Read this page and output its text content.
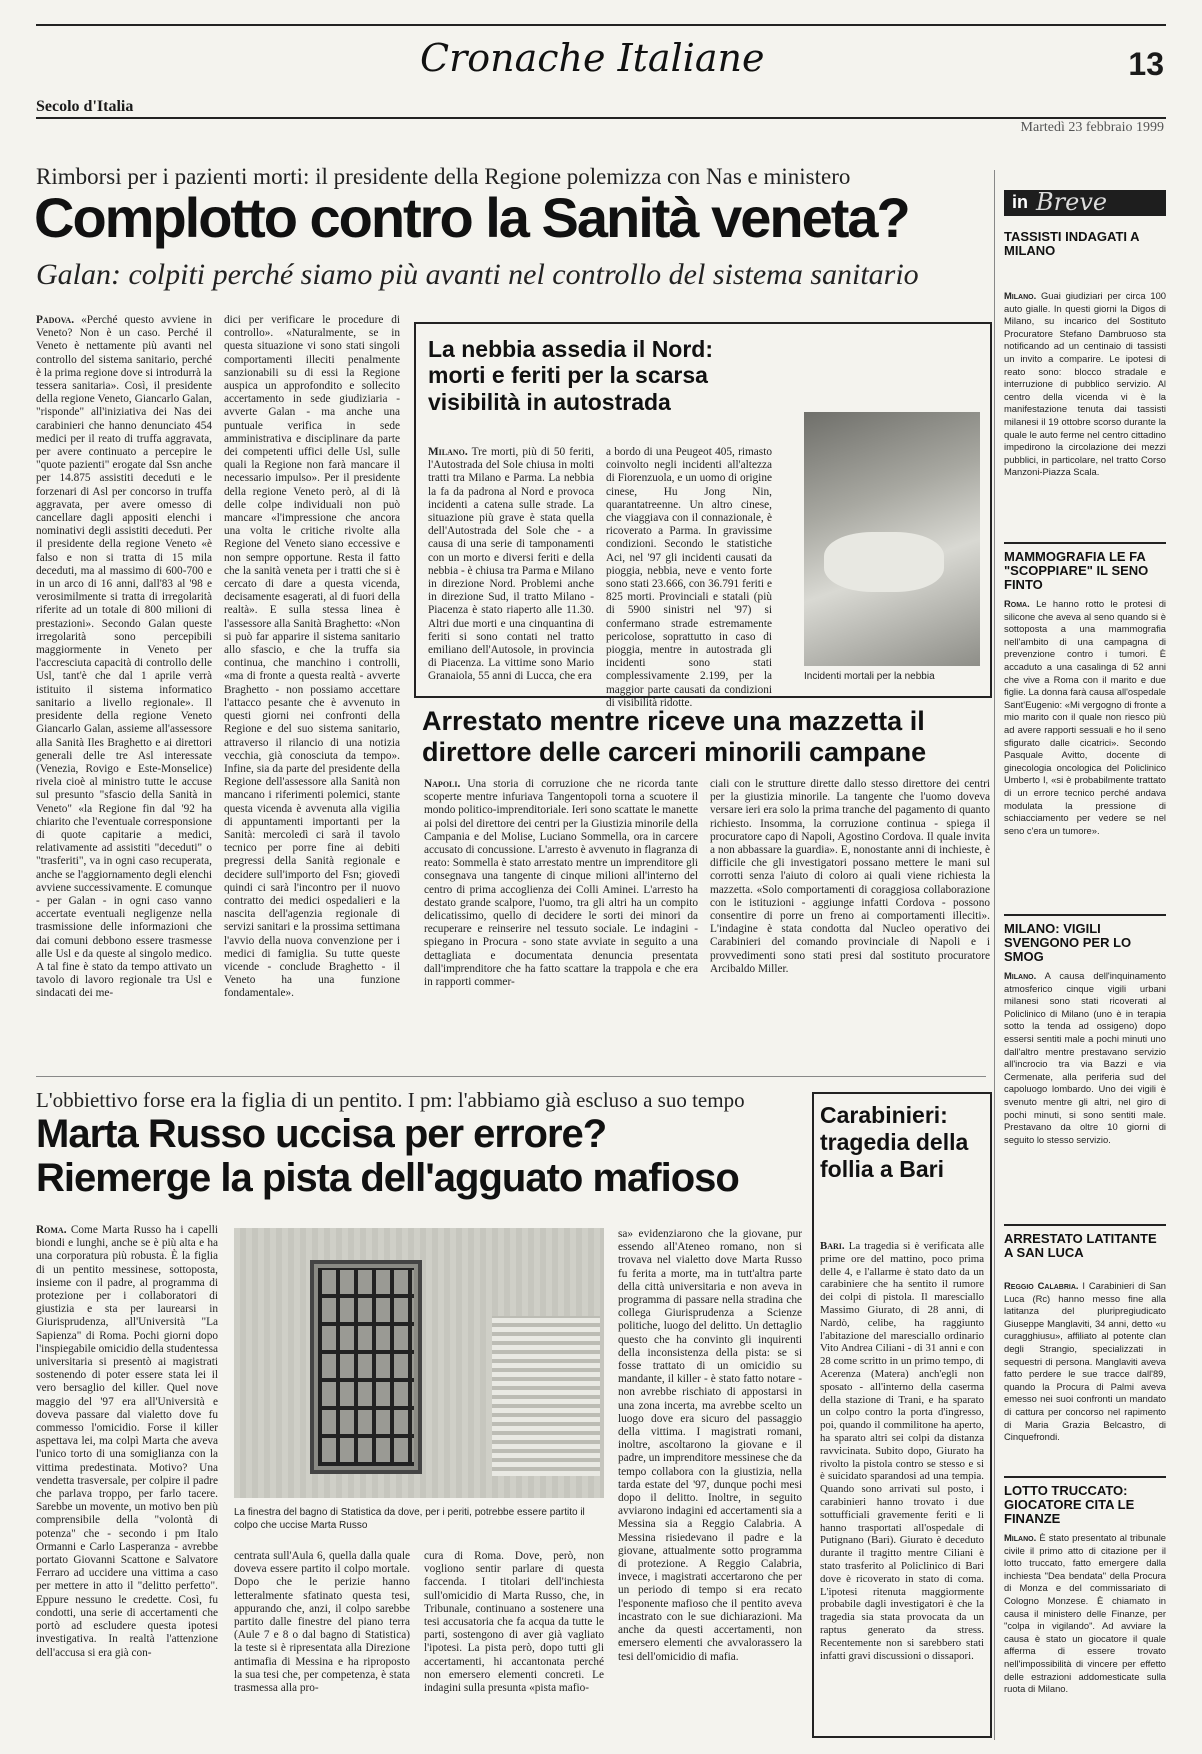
Cronache Italiane	13
Secolo d'Italia
Martedì 23 febbraio 1999
Rimborsi per i pazienti morti: il presidente della Regione polemizza con Nas e ministero
Complotto contro la Sanità veneta?
Galan: colpiti perché siamo più avanti nel controllo del sistema sanitario
Padova. «Perché questo avviene in Veneto? Non è un caso. Perché il Veneto è nettamente più avanti nel controllo del sistema sanitario, perché è la prima regione dove si introdurrà la tessera sanitaria». Così, il presidente della regione Veneto, Giancarlo Galan, "risponde" all'iniziativa dei Nas dei carabinieri che hanno denunciato 454 medici per il reato di truffa aggravata, per avere continuato a percepire le "quote pazienti" erogate dal Ssn anche per 14.875 assistiti deceduti e le forzenari di Asl per concorso in truffa aggravata, per avere omesso di cancellare dagli appositi elenchi i nominativi degli assistiti deceduti. Per il presidente della regione Veneto «è falso e non si tratta di 15 mila deceduti, ma al massimo di 600-700 e in un arco di 16 anni, dall'83 al '98 e verosimilmente si tratta di irregolarità riferite ad un totale di 800 milioni di prestazioni». Secondo Galan queste irregolarità sono percepibili maggiormente in Veneto per l'accresciuta capacità di controllo delle Usl, tant'è che dal 1 aprile verrà istituito il sistema informatico sanitario a livello regionale». Il presidente della regione Veneto Giancarlo Galan, assieme all'assessore alla Sanità Iles Braghetto e ai direttori generali delle tre Asl interessate (Venezia, Rovigo e Este-Monselice) rivela cioè al ministro tutte le accuse sul presunto "sfascio della Sanità in Veneto" «la Regione fin dal '92 ha chiarito che l'eventuale corresponsione di quote capitarie a medici, relativamente ad assistiti "deceduti" o "trasferiti", va in ogni caso recuperata, anche se l'aggiornamento degli elenchi avviene successivamente. E comunque - per Galan - in ogni caso vanno accertate eventuali negligenze nella trasmissione delle informazioni che dai comuni debbono essere trasmesse alle Usl e da queste al singolo medico. A tal fine è stato da tempo attivato un tavolo di lavoro regionale tra Usl e sindacati dei me-
dici per verificare le procedure di controllo». «Naturalmente, se in questa situazione vi sono stati singoli comportamenti illeciti penalmente sanzionabili su di essi la Regione auspica un approfondito e sollecito accertamento in sede giudiziaria - avverte Galan - ma anche una puntuale verifica in sede amministrativa e disciplinare da parte dei competenti uffici delle Usl, sulle quali la Regione non farà mancare il necessario impulso». Per il presidente della regione Veneto però, al di là delle colpe individuali non può mancare «l'impressione che ancora una volta le critiche rivolte alla Regione del Veneto siano eccessive e non sempre opportune. Resta il fatto che la sanità veneta per i tratti che si è cercato di dare a questa vicenda, decisamente esagerati, al di fuori della realtà». E sulla stessa linea è l'assessore alla Sanità Braghetto: «Non si può far apparire il sistema sanitario allo sfascio, e che la truffa sia continua, che manchino i controlli, «ma di fronte a questa realtà - avverte Braghetto - non possiamo accettare l'attacco pesante che è avvenuto in questi giorni nei confronti della Regione e del suo sistema sanitario, attraverso il rilancio di una notizia vecchia, già conosciuta da tempo». Infine, sia da parte del presidente della Regione dell'assessore alla Sanità non mancano i riferimenti polemici, stante questa vicenda è avvenuta alla vigilia di appuntamenti importanti per la Sanità: mercoledì ci sarà il tavolo tecnico per porre fine ai debiti pregressi della Sanità regionale e decidere sull'importo del Fsn; giovedì quindi ci sarà l'incontro per il nuovo contratto dei medici ospedalieri e la nascita dell'agenzia regionale di servizi sanitari e la prossima settimana l'avvio della nuova convenzione per i medici di famiglia. Su tutte queste vicende - conclude Braghetto - il Veneto ha una funzione fondamentale».
La nebbia assedia il Nord: morti e feriti per la scarsa visibilità in autostrada
Milano. Tre morti, più di 50 feriti, l'Autostrada del Sole chiusa in molti tratti tra Milano e Parma. La nebbia la fa da padrona al Nord e provoca incidenti a catena sulle strade. La situazione più grave è stata quella dell'Autostrada del Sole che - a causa di una serie di tamponamenti con un morto e diversi feriti e della nebbia - è chiusa tra Parma e Milano in direzione Nord. Problemi anche in direzione Sud, il tratto Milano - Piacenza è stato riaperto alle 11.30. Altri due morti e una cinquantina di feriti si sono contati nel tratto emiliano dell'Autosole, in provincia di Piacenza. La vittime sono Mario Granaiola, 55 anni di Lucca, che era
a bordo di una Peugeot 405, rimasto coinvolto negli incidenti all'altezza di Fiorenzuola, e un uomo di origine cinese, Hu Jong Nin, quarantatreenne. Un altro cinese, che viaggiava con il connazionale, è ricoverato a Parma. In gravissime condizioni. Secondo le statistiche Aci, nel '97 gli incidenti causati da pioggia, nebbia, neve e vento forte sono stati 23.666, con 36.791 feriti e 825 morti. Provinciali e statali (più di 5900 sinistri nel '97) si confermano strade estremamente pericolose, soprattutto in caso di pioggia, mentre in autostrada gli incidenti sono stati complessivamente 2.199, per la maggior parte causati da condizioni di visibilità ridotte.
Incidenti mortali per la nebbia
Arrestato mentre riceve una mazzetta il direttore delle carceri minorili campane
Napoli. Una storia di corruzione che ne ricorda tante scoperte mentre infuriava Tangentopoli torna a scuotere il mondo politico-imprenditoriale. Ieri sono scattate le manette ai polsi del direttore dei centri per la Giustizia minorile della Campania e del Molise, Luciano Sommella, ora in carcere accusato di concussione. L'arresto è avvenuto in flagranza di reato: Sommella è stato arrestato mentre un imprenditore gli consegnava una tangente di cinque milioni all'interno del centro di prima accoglienza dei Colli Aminei. L'arresto ha destato grande scalpore, l'uomo, tra gli altri ha un compito delicatissimo, quello di decidere le sorti dei minori da recuperare e reinserire nel tessuto sociale. Le indagini - spiegano in Procura - sono state avviate in seguito a una dettagliata e documentata denuncia presentata dall'imprenditore che ha fatto scattare la trappola e che era in rapporti commer-
ciali con le strutture dirette dallo stesso direttore dei centri per la giustizia minorile. La tangente che l'uomo doveva versare ieri era solo la prima tranche del pagamento di quanto richiesto. Insomma, la corruzione continua - spiega il procuratore capo di Napoli, Agostino Cordova. Il quale invita a non abbassare la guardia». E, nonostante anni di inchieste, è difficile che gli investigatori possano mettere le mani sul corrotti senza l'aiuto di coloro ai quali viene richiesta la mazzetta. «Solo comportamenti di coraggiosa collaborazione con le istituzioni - aggiunge infatti Cordova - possono consentire di porre un freno ai comportamenti illeciti». L'indagine è stata condotta dal Nucleo operativo dei Carabinieri del comando provinciale di Napoli e i provvedimenti sono stati presi dal sostituto procuratore Arcibaldo Miller.
L'obbiettivo forse era la figlia di un pentito. I pm: l'abbiamo già escluso a suo tempo
Marta Russo uccisa per errore?
Riemerge la pista dell'agguato mafioso
Roma. Come Marta Russo ha i capelli biondi e lunghi, anche se è più alta e ha una corporatura più robusta. È la figlia di un pentito messinese, sottoposta, insieme con il padre, al programma di protezione per i collaboratori di giustizia e sta per laurearsi in Giurisprudenza, all'Università "La Sapienza" di Roma. Pochi giorni dopo l'inspiegabile omicidio della studentessa universitaria si presentò ai magistrati sostenendo di poter essere stata lei il vero bersaglio del killer. Quel nove maggio del '97 era all'Università e doveva passare dal vialetto dove fu commesso l'omicidio. Forse il killer aspettava lei, ma colpì Marta che aveva l'unico torto di una somiglianza con la vittima predestinata. Motivo? Una vendetta trasversale, per colpire il padre che parlava troppo, per farlo tacere. Sarebbe un movente, un motivo ben più comprensibile della "volontà di potenza" che - secondo i pm Italo Ormanni e Carlo Lasperanza - avrebbe portato Giovanni Scattone e Salvatore Ferraro ad uccidere una vittima a caso per mettere in atto il "delitto perfetto". Eppure nessuno le credette. Così, fu condotti, una serie di accertamenti che portò ad escludere questa ipotesi investigativa. In realtà l'attenzione dell'accusa si era già con-
La finestra del bagno di Statistica da dove, per i periti, potrebbe essere partito il colpo che uccise Marta Russo
centrata sull'Aula 6, quella dalla quale doveva essere partito il colpo mortale. Dopo che le perizie hanno letteralmente sfatinato questa tesi, appurando che, anzi, il colpo sarebbe partito dalle finestre del piano terra (Aule 7 e 8 o dal bagno di Statistica) la teste si è ripresentata alla Direzione antimafia di Messina e ha riproposto la sua tesi che, per competenza, è stata trasmessa alla pro-
cura di Roma. Dove, però, non vogliono sentir parlare di questa faccenda. I titolari dell'inchiesta sull'omicidio di Marta Russo, che, in Tribunale, continuano a sostenere una tesi accusatoria che fa acqua da tutte le parti, sostengono di aver già vagliato l'ipotesi. La pista però, dopo tutti gli accertamenti, hi accantonata perché non emersero elementi concreti. Le indagini sulla presunta «pista mafio-
sa» evidenziarono che la giovane, pur essendo all'Ateneo romano, non si trovava nel vialetto dove Marta Russo fu ferita a morte, ma in tutt'altra parte della città universitaria e non aveva in programma di passare nella stradina che collega Giurisprudenza a Scienze politiche, luogo del delitto. Un dettaglio questo che ha convinto gli inquirenti della inconsistenza della pista: se si fosse trattato di un omicidio su mandante, il killer - è stato fatto notare - non avrebbe rischiato di appostarsi in una zona incerta, ma avrebbe scelto un luogo dove era sicuro del passaggio della vittima. I magistrati romani, inoltre, ascoltarono la giovane e il padre, un imprenditore messinese che da tempo collabora con la giustizia, nella tarda estate del '97, dunque pochi mesi dopo il delitto. Inoltre, in seguito avviarono indagini ed accertamenti sia a Messina sia a Reggio Calabria. A Messina risiedevano il padre e la giovane, attualmente sotto programma di protezione. A Reggio Calabria, invece, i magistrati accertarono che per un periodo di tempo si era recato l'esponente mafioso che il pentito aveva incastrato con le sue dichiarazioni. Ma anche da questi accertamenti, non emersero elementi che avvalorassero la tesi dell'omicidio di mafia.
Carabinieri: tragedia della follia a Bari
Bari. La tragedia si è verificata alle prime ore del mattino, poco prima delle 4, e l'allarme è stato dato da un carabiniere che ha sentito il rumore dei colpi di pistola. Il maresciallo Massimo Giurato, di 28 anni, di Nardò, celibe, ha raggiunto l'abitazione del maresciallo ordinario Vito Andrea Ciliani - di 31 anni e con 28 come scritto in un primo tempo, di Acerenza (Matera) anch'egli non sposato - all'interno della caserma della stazione di Trani, e ha sparato un colpo contro la porta d'ingresso, poi, quando il commilitone ha aperto, ha sparato altri sei colpi da distanza ravvicinata. Subito dopo, Giurato ha rivolto la pistola contro se stesso e si è suicidato sparandosi ad una tempia. Quando sono arrivati sul posto, i carabinieri hanno trovato i due sottufficiali gravemente feriti e li hanno trasportati all'ospedale di Putignano (Bari). Giurato è deceduto durante il tragitto mentre Ciliani è stato trasferito al Policlinico di Bari dove è ricoverato in stato di coma. L'ipotesi ritenuta maggiormente probabile dagli investigatori è che la tragedia sia stata provocata da un raptus generato da stress. Recentemente non si sarebbero stati infatti gravi discussioni o dissapori.
in Breve
TASSISTI INDAGATI A MILANO
Milano. Guai giudiziari per circa 100 auto gialle. In questi giorni la Digos di Milano, su incarico del Sostituto Procuratore Stefano Dambruoso sta notificando ad un centinaio di tassisti un invito a comparire. Le ipotesi di reato sono: blocco stradale e interruzione di pubblico servizio. Al centro della vicenda vi è la manifestazione tenuta dai tassisti milanesi il 19 ottobre scorso durante la quale le auto ferme nel centro cittadino impedirono la circolazione dei mezzi pubblici, in particolare, nel tratto Corso Manzoni-Piazza Scala.
MAMMOGRAFIA LE FA "SCOPPIARE" IL SENO FINTO
Roma. Le hanno rotto le protesi di silicone che aveva al seno quando si è sottoposta a una mammografia nell'ambito di una campagna di prevenzione contro i tumori. È accaduto a una casalinga di 52 anni che vive a Roma con il marito e due figlie. La donna farà causa all'ospedale Sant'Eugenio: «Mi vergogno di fronte a mio marito con il quale non riesco più ad avere rapporti sessuali e ho il seno sfigurato dalle cicatrici». Secondo Pasquale Avitto, docente di ginecologia oncologica del Policlinico Umberto I, «si è probabilmente trattato di un errore tecnico perché andava modulata la pressione di schiacciamento per vedere se nel seno c'era un tumore».
MILANO: VIGILI SVENGONO PER LO SMOG
Milano. A causa dell'inquinamento atmosferico cinque vigili urbani milanesi sono stati ricoverati al Policlinico di Milano (uno è in terapia sotto la tenda ad ossigeno) dopo essersi sentiti male a pochi minuti uno dall'altro mentre prestavano servizio all'incrocio tra via Bazzi e via Cermenate, alla periferia sud del capoluogo lombardo. Uno dei vigili è svenuto mentre gli altri, nel giro di pochi minuti, si sono sentiti male. Prestavano da oltre 10 giorni di seguito lo stesso servizio.
ARRESTATO LATITANTE A SAN LUCA
Reggio Calabria. I Carabinieri di San Luca (Rc) hanno messo fine alla latitanza del pluripregiudicato Giuseppe Manglaviti, 34 anni, detto «u curagghiusu», affiliato al potente clan degli Strangio, specializzati in sequestri di persona. Manglaviti aveva fatto perdere le sue tracce dall'89, quando la Procura di Palmi aveva emesso nei suoi confronti un mandato di cattura per concorso nel rapimento di Maria Grazia Belcastro, di Cinquefrondi.
LOTTO TRUCCATO: GIOCATORE CITA LE FINANZE
Milano. È stato presentato al tribunale civile il primo atto di citazione per il lotto truccato, fatto emergere dalla inchiesta "Dea bendata" della Procura di Monza e del commissariato di Cologno Monzese. È chiamato in causa il ministero delle Finanze, per "colpa in vigilando". Ad avviare la causa è stato un giocatore il quale afferma di essere trovato nell'impossibilità di vincere per effetto delle estrazioni addomesticate sulla ruota di Milano.
